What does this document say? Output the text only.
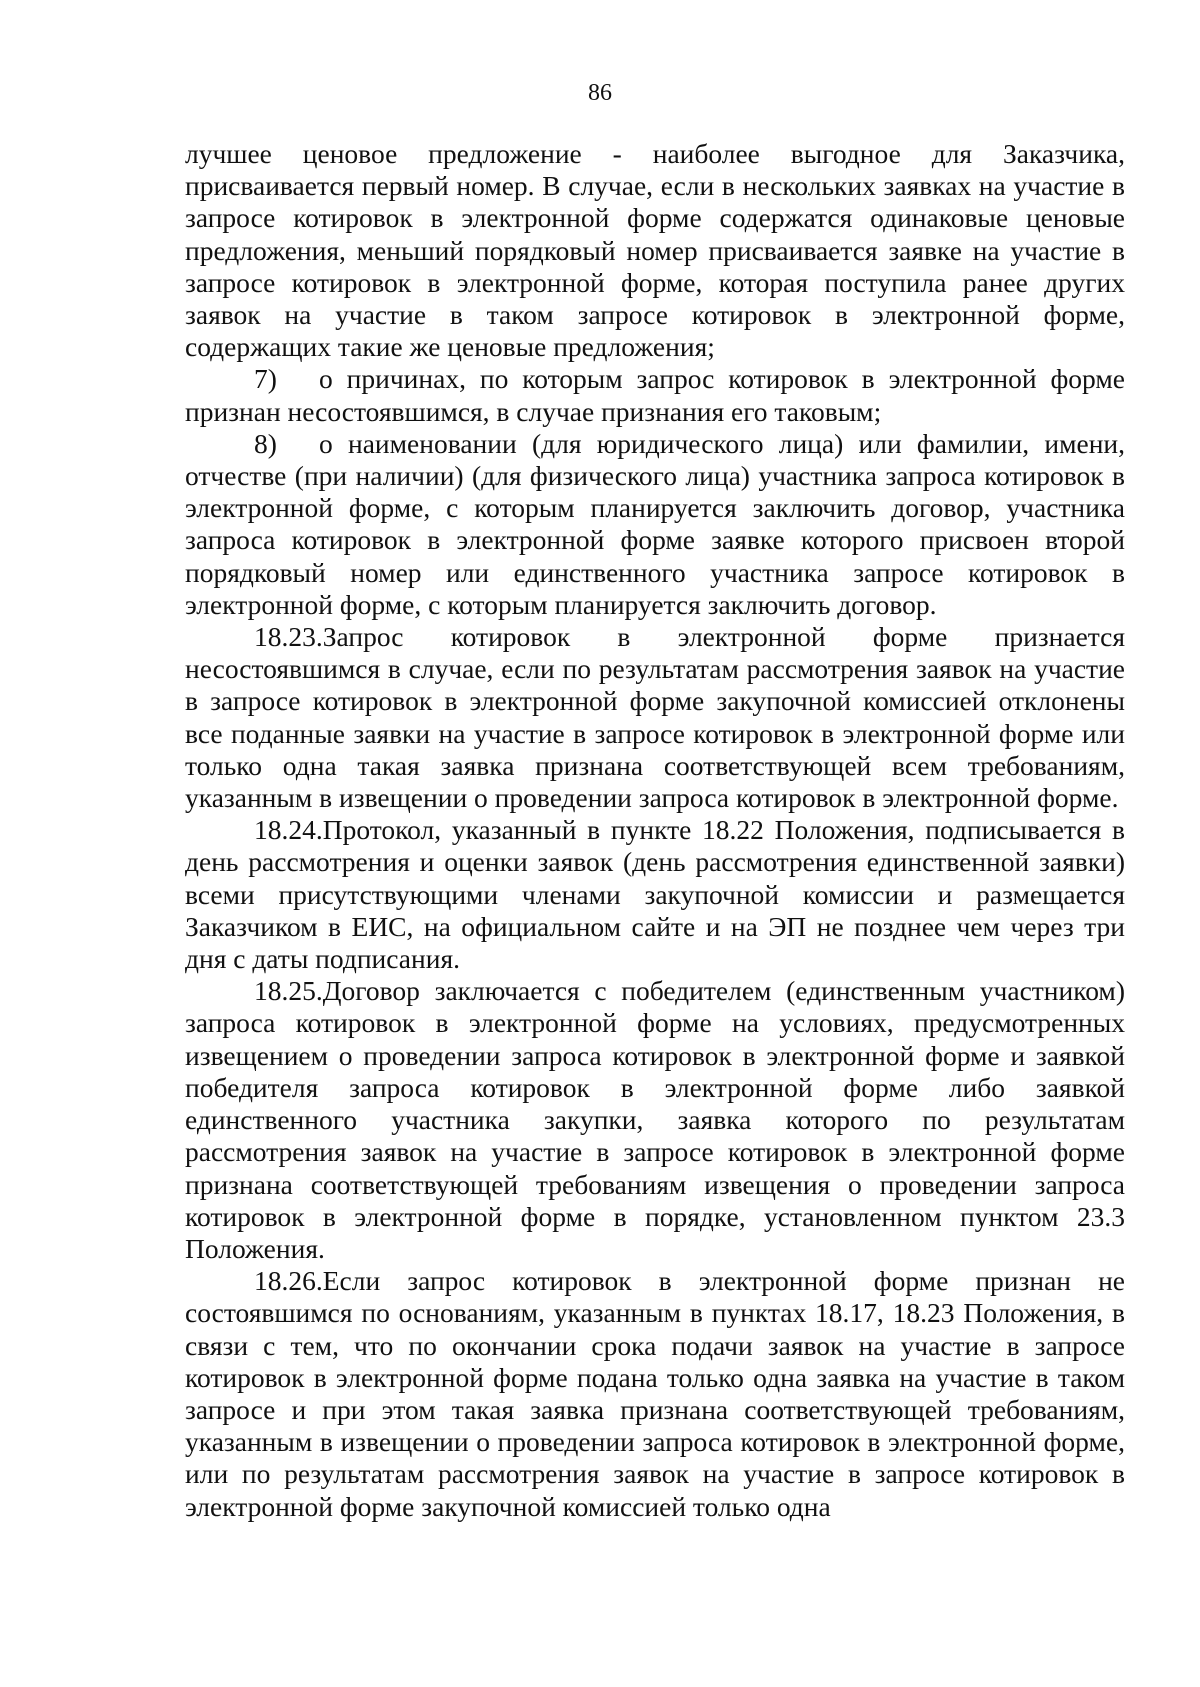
86

лучшее ценовое предложение - наиболее выгодное для Заказчика, присваивается первый номер. В случае, если в нескольких заявках на участие в запросе котировок в электронной форме содержатся одинаковые ценовые предложения, меньший порядковый номер присваивается заявке на участие в запросе котировок в электронной форме, которая поступила ранее других заявок на участие в таком запросе котировок в электронной форме, содержащих такие же ценовые предложения;

7) о причинах, по которым запрос котировок в электронной форме признан несостоявшимся, в случае признания его таковым;

8) о наименовании (для юридического лица) или фамилии, имени, отчестве (при наличии) (для физического лица) участника запроса котировок в электронной форме, с которым планируется заключить договор, участника запроса котировок в электронной форме заявке которого присвоен второй порядковый номер или единственного участника запросе котировок в электронной форме, с которым планируется заключить договор.

18.23.Запрос котировок в электронной форме признается несостоявшимся в случае, если по результатам рассмотрения заявок на участие в запросе котировок в электронной форме закупочной комиссией отклонены все поданные заявки на участие в запросе котировок в электронной форме или только одна такая заявка признана соответствующей всем требованиям, указанным в извещении о проведении запроса котировок в электронной форме.

18.24.Протокол, указанный в пункте 18.22 Положения, подписывается в день рассмотрения и оценки заявок (день рассмотрения единственной заявки) всеми присутствующими членами закупочной комиссии и размещается Заказчиком в ЕИС, на официальном сайте и на ЭП не позднее чем через три дня с даты подписания.

18.25.Договор заключается с победителем (единственным участником) запроса котировок в электронной форме на условиях, предусмотренных извещением о проведении запроса котировок в электронной форме и заявкой победителя запроса котировок в электронной форме либо заявкой единственного участника закупки, заявка которого по результатам рассмотрения заявок на участие в запросе котировок в электронной форме признана соответствующей требованиям извещения о проведении запроса котировок в электронной форме в порядке, установленном пунктом 23.3 Положения.

18.26.Если запрос котировок в электронной форме признан не состоявшимся по основаниям, указанным в пунктах 18.17, 18.23 Положения, в связи с тем, что по окончании срока подачи заявок на участие в запросе котировок в электронной форме подана только одна заявка на участие в таком запросе и при этом такая заявка признана соответствующей требованиям, указанным в извещении о проведении запроса котировок в электронной форме, или по результатам рассмотрения заявок на участие в запросе котировок в электронной форме закупочной комиссией только одна
